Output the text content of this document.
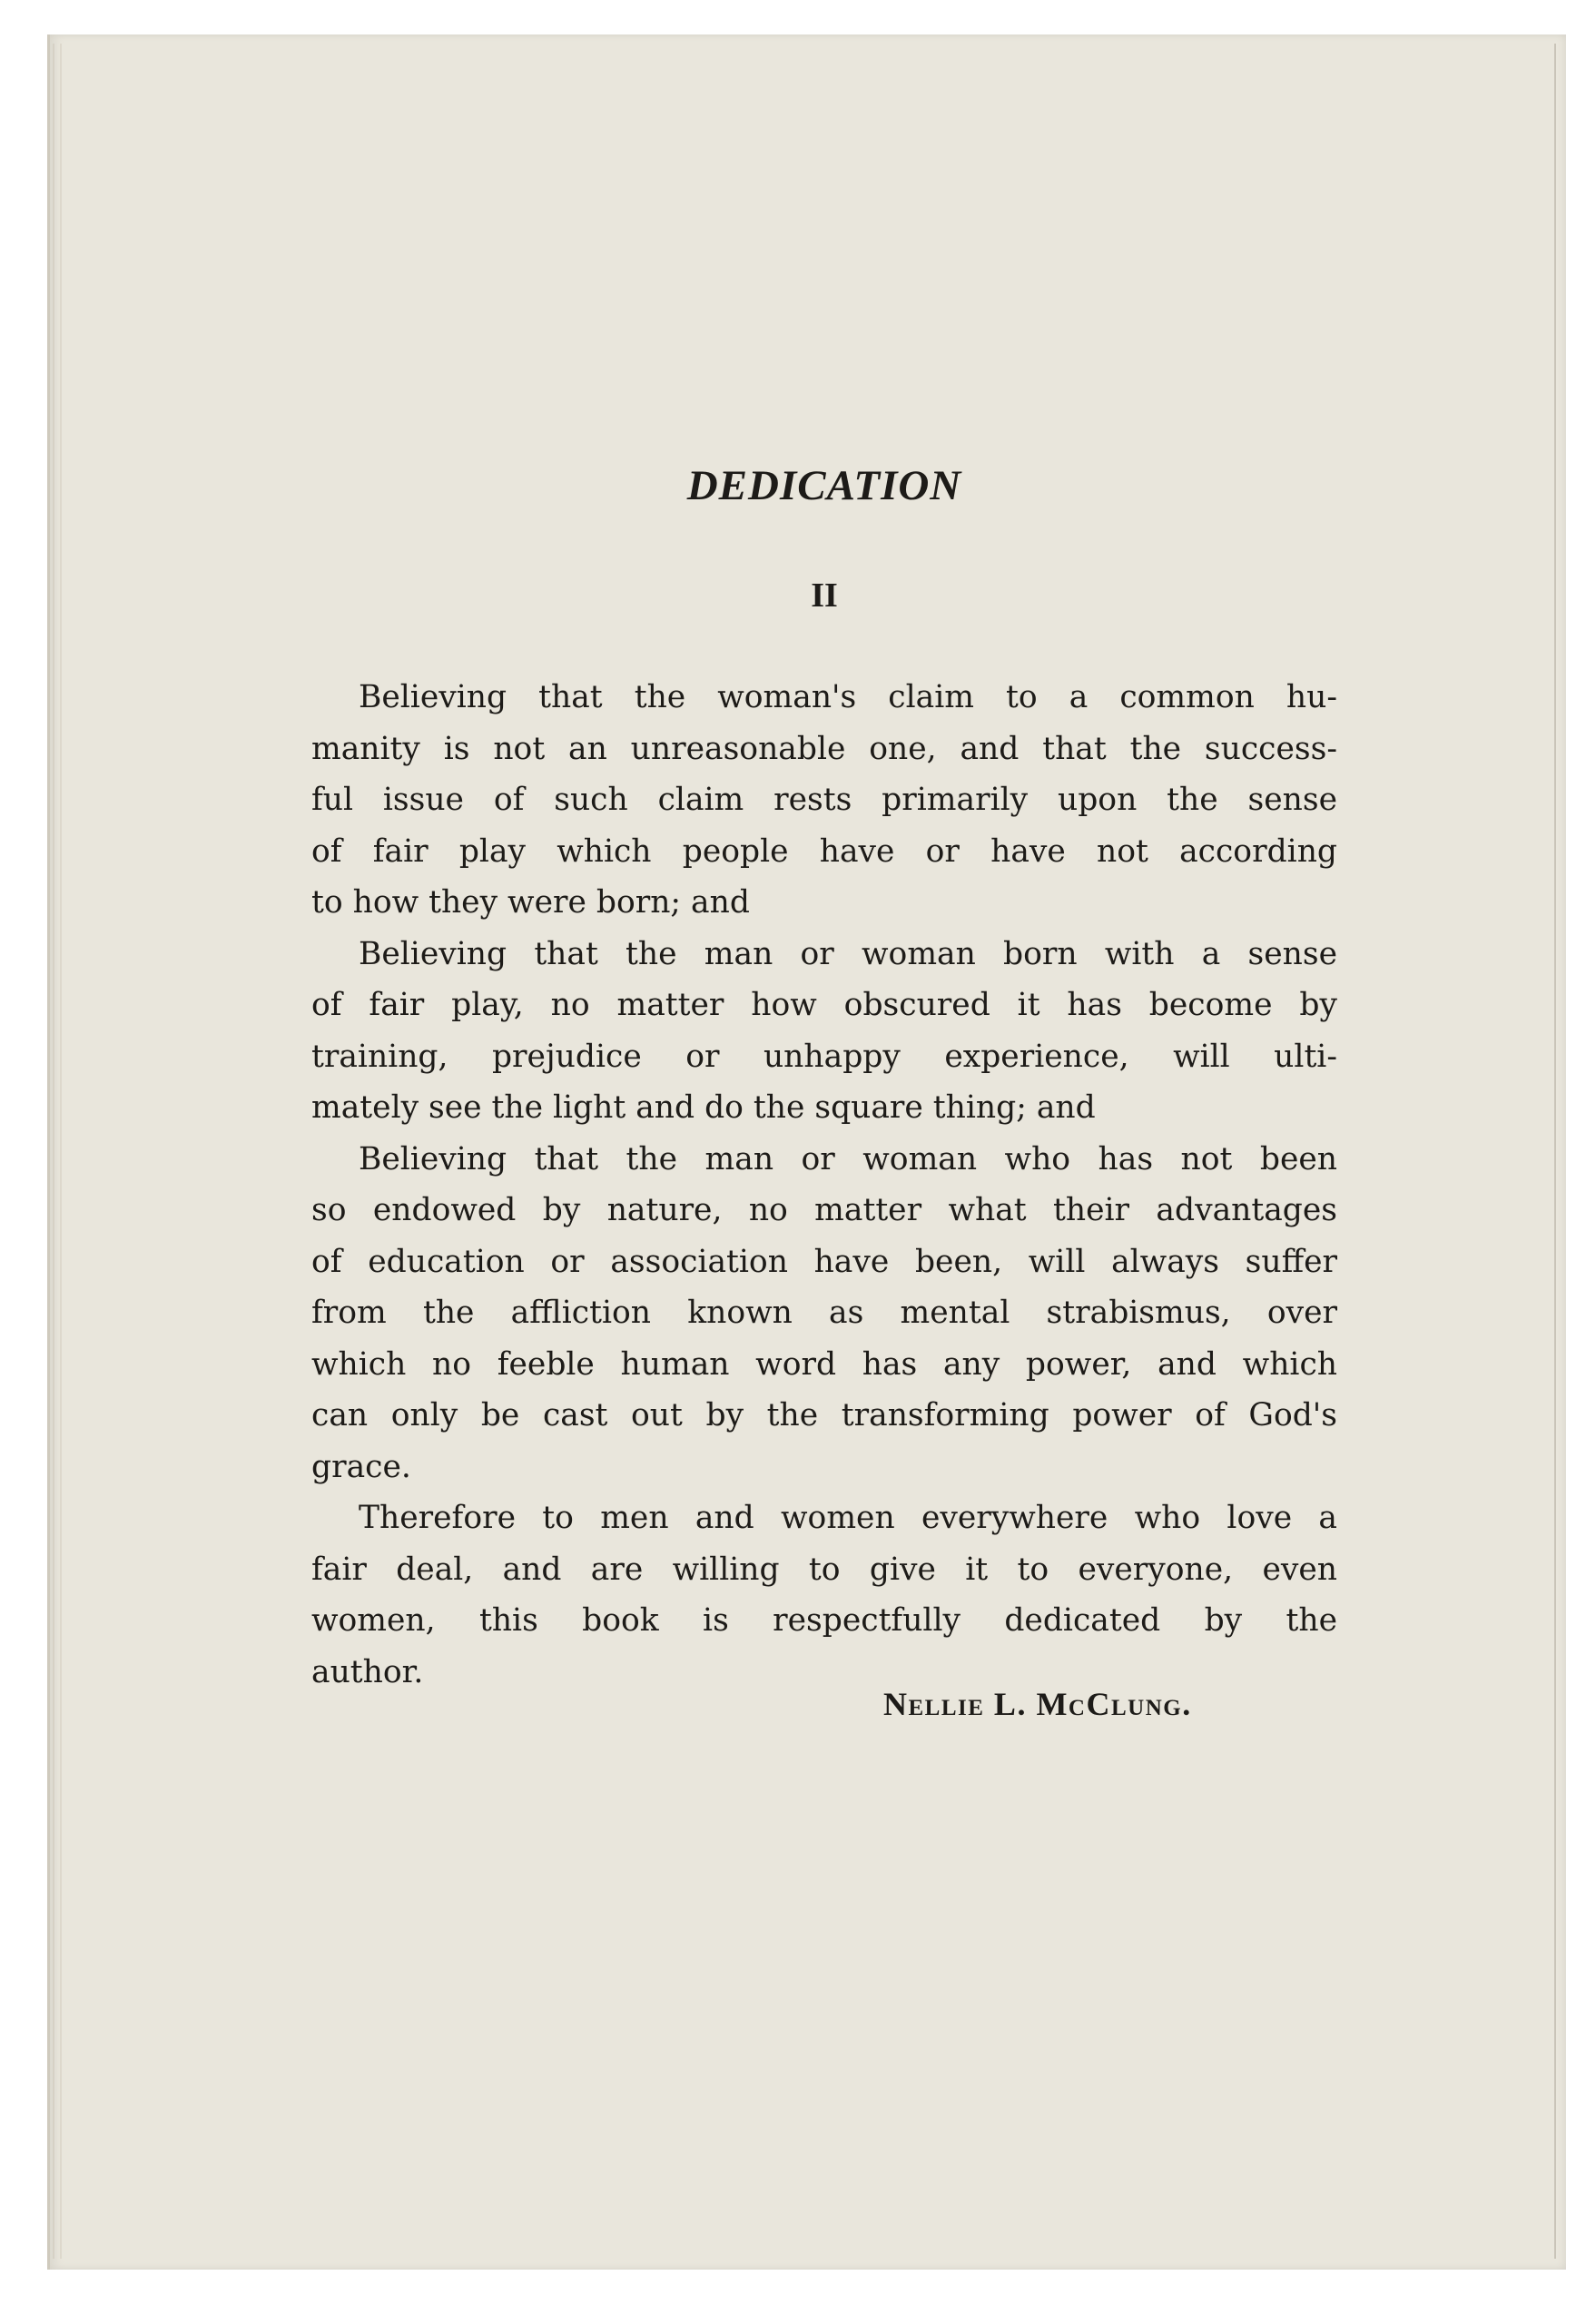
DEDICATION
II
Believing that the woman's claim to a common hu-
manity is not an unreasonable one, and that the success-
ful issue of such claim rests primarily upon the sense
of fair play which people have or have not according
to how they were born; and
Believing that the man or woman born with a sense
of fair play, no matter how obscured it has become by
training, prejudice or unhappy experience, will ulti-
mately see the light and do the square thing; and
Believing that the man or woman who has not been
so endowed by nature, no matter what their advantages
of education or association have been, will always suffer
from the affliction known as mental strabismus, over
which no feeble human word has any power, and which
can only be cast out by the transforming power of God's
grace.
Therefore to men and women everywhere who love a
fair deal, and are willing to give it to everyone, even
women, this book is respectfully dedicated by the
author.
Nellie L. McClung.
